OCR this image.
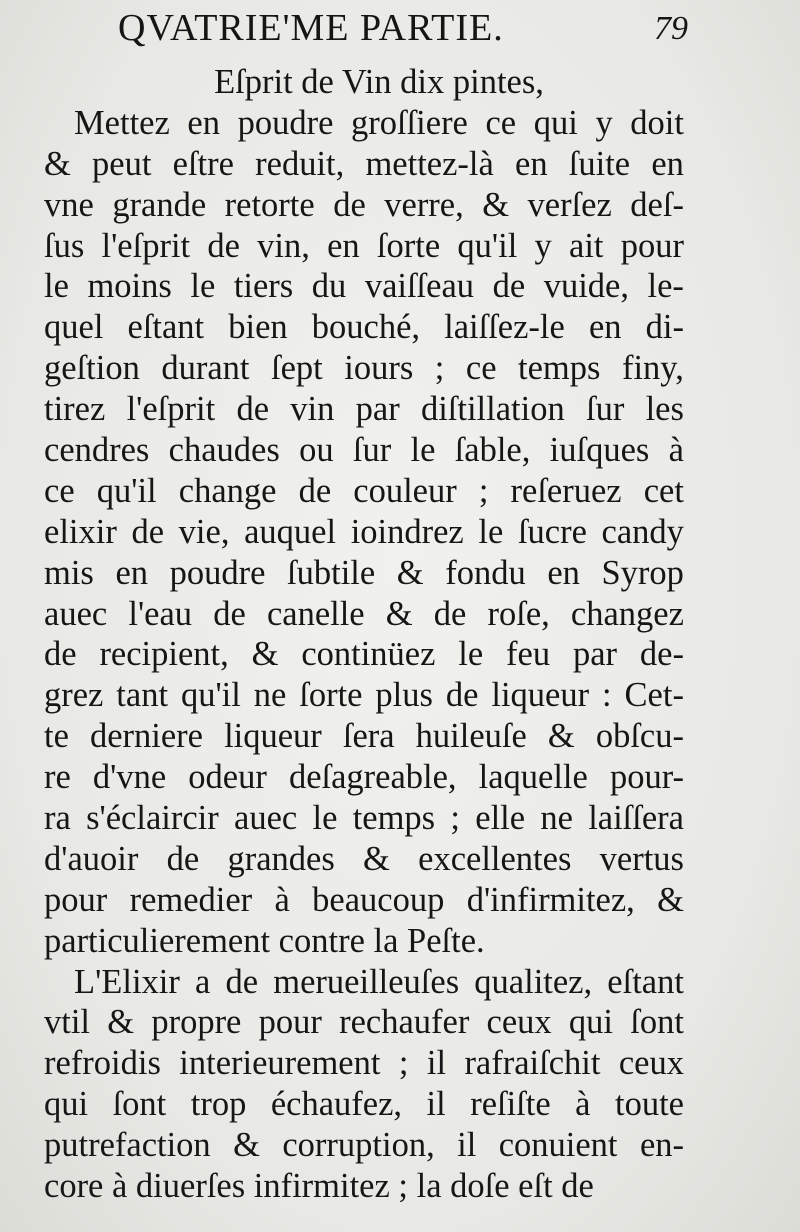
QVATRIE'ME PARTIE.	79
Eſprit de Vin dix pintes,
Mettez en poudre groſſiere ce qui y doit
& peut eſtre reduit, mettez-là en ſuite en
vne grande retorte de verre, & verſez deſ-
ſus l'eſprit de vin, en ſorte qu'il y ait pour
le moins le tiers du vaiſſeau de vuide, le-
quel eſtant bien bouché, laiſſez-le en di-
geſtion durant ſept iours ; ce temps finy,
tirez l'eſprit de vin par diſtillation ſur les
cendres chaudes ou ſur le ſable, iuſques à
ce qu'il change de couleur ; reſeruez cet
elixir de vie, auquel ioindrez le ſucre candy
mis en poudre ſubtile & fondu en Syrop
auec l'eau de canelle & de roſe, changez
de recipient, & continüez le feu par de-
grez tant qu'il ne ſorte plus de liqueur : Cet-
te derniere liqueur ſera huileuſe & obſcu-
re d'vne odeur deſagreable, laquelle pour-
ra s'éclaircir auec le temps ; elle ne laiſſera
d'auoir de grandes & excellentes vertus
pour remedier à beaucoup d'infirmitez, &
particulierement contre la Peſte.
L'Elixir a de merueilleuſes qualitez, eſtant
vtil & propre pour rechaufer ceux qui ſont
refroidis interieurement ; il rafraiſchit ceux
qui ſont trop échaufez, il reſiſte à toute
putrefaction & corruption, il conuient en-
core à diuerſes infirmitez ; la doſe eſt de
